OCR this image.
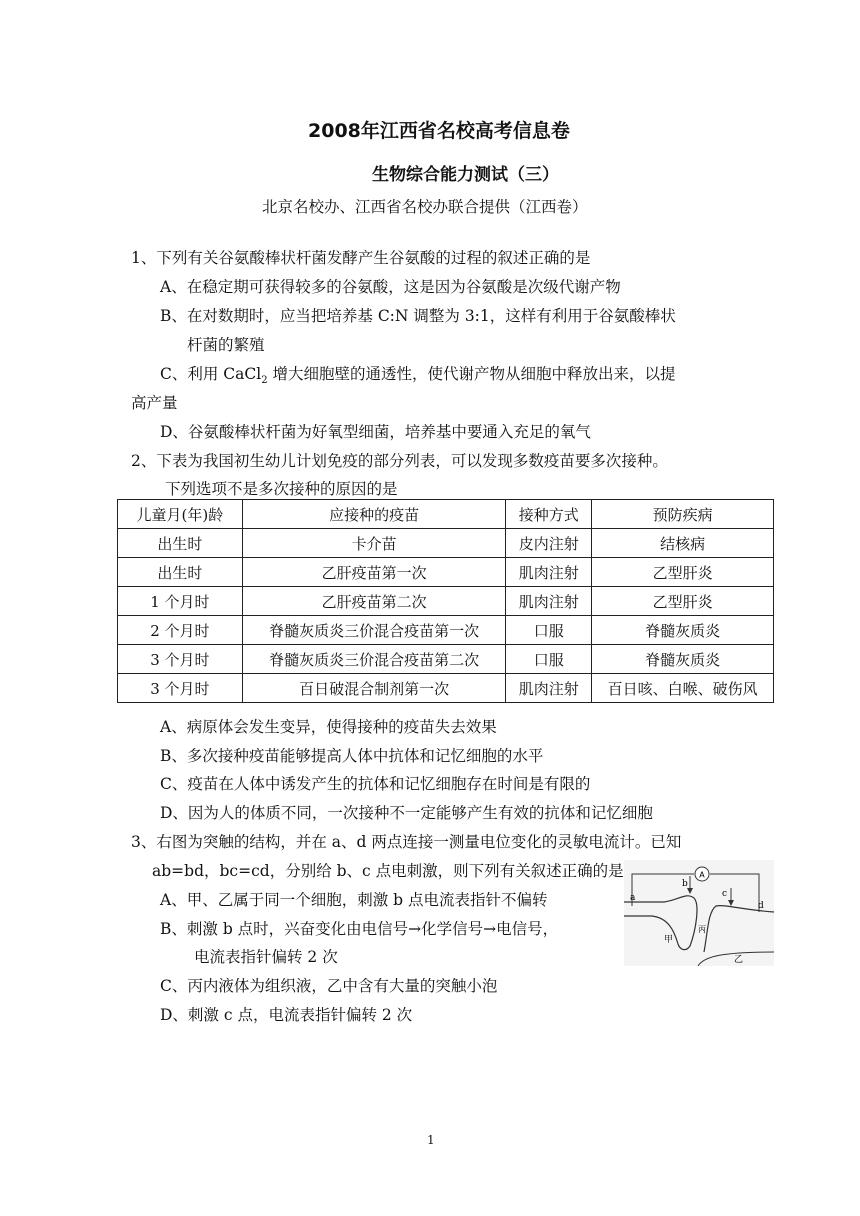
2008年江西省名校高考信息卷
生物综合能力测试（三）
北京名校办、江西省名校办联合提供（江西卷）
1、下列有关谷氨酸棒状杆菌发酵产生谷氨酸的过程的叙述正确的是
A、在稳定期可获得较多的谷氨酸，这是因为谷氨酸是次级代谢产物
B、在对数期时，应当把培养基 C:N 调整为 3:1，这样有利用于谷氨酸棒状
杆菌的繁殖
C、利用 CaCl$_2$ 增大细胞壁的通透性，使代谢产物从细胞中释放出来，以提
高产量
D、谷氨酸棒状杆菌为好氧型细菌，培养基中要通入充足的氧气
2、下表为我国初生幼儿计划免疫的部分列表，可以发现多数疫苗要多次接种。
下列选项不是多次接种的原因的是
儿童月(年)龄	应接种的疫苗	接种方式	预防疾病
出生时	卡介苗	皮内注射	结核病
出生时	乙肝疫苗第一次	肌肉注射	乙型肝炎
1 个月时	乙肝疫苗第二次	肌肉注射	乙型肝炎
2 个月时	脊髓灰质炎三价混合疫苗第一次	口服	脊髓灰质炎
3 个月时	脊髓灰质炎三价混合疫苗第二次	口服	脊髓灰质炎
3 个月时	百日破混合制剂第一次	肌肉注射	百日咳、白喉、破伤风
A、病原体会发生变异，使得接种的疫苗失去效果
B、多次接种疫苗能够提高人体中抗体和记忆细胞的水平
C、疫苗在人体中诱发产生的抗体和记忆细胞存在时间是有限的
D、因为人的体质不同，一次接种不一定能够产生有效的抗体和记忆细胞
3、右图为突触的结构，并在 a、d 两点连接一测量电位变化的灵敏电流计。已知
ab=bd，bc=cd，分别给 b、c 点电刺激，则下列有关叙述正确的是
A、甲、乙属于同一个细胞，刺激 b 点电流表指针不偏转
B、刺激 b 点时，兴奋变化由电信号→化学信号→电信号，
电流表指针偏转 2 次
C、丙内液体为组织液，乙中含有大量的突触小泡
D、刺激 c 点，电流表指针偏转 2 次
A
a
b
c
d
甲
丙
乙
1
